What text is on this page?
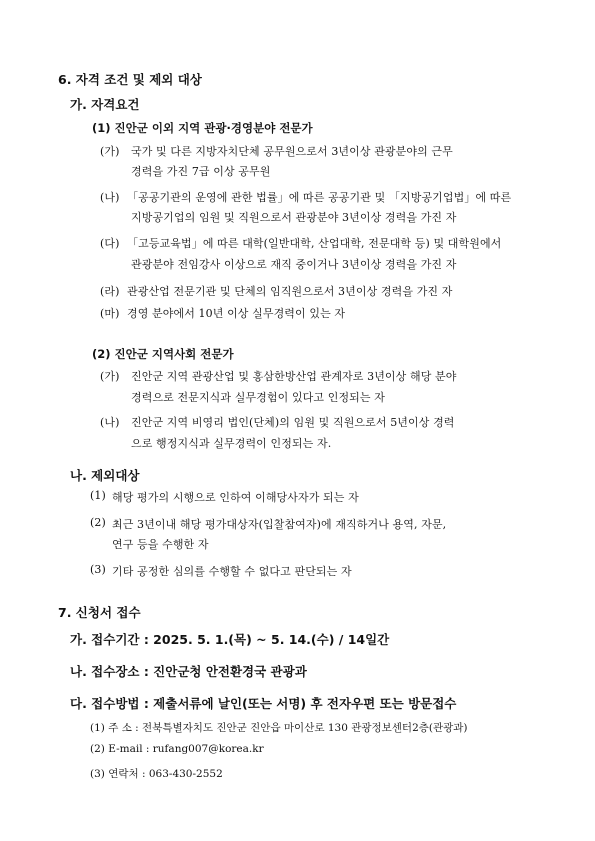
6. 자격 조건 및 제외 대상
가. 자격요건
(1) 진안군 이외 지역 관광·경영분야 전문가
(가) 국가 및 다른 지방자치단체 공무원으로서 3년이상 관광분야의 근무
경력을 가진 7급 이상 공무원
(나) 「공공기관의 운영에 관한 법률」에 따른 공공기관 및 「지방공기업법」에 따른
지방공기업의 임원 및 직원으로서 관광분야 3년이상 경력을 가진 자
(다) 「고등교육법」에 따른 대학(일반대학, 산업대학, 전문대학 등) 및 대학원에서
관광분야 전임강사 이상으로 재직 중이거나 3년이상 경력을 가진 자
(라) 관광산업 전문기관 및 단체의 임직원으로서 3년이상 경력을 가진 자
(마) 경영 분야에서 10년 이상 실무경력이 있는 자
(2) 진안군 지역사회 전문가
(가) 진안군 지역 관광산업 및 홍삼한방산업 관계자로 3년이상 해당 분야
경력으로 전문지식과 실무경험이 있다고 인정되는 자
(나) 진안군 지역 비영리 법인(단체)의 임원 및 직원으로서 5년이상 경력
으로 행정지식과 실무경력이 인정되는 자.
나. 제외대상
(1) 해당 평가의 시행으로 인하여 이해당사자가 되는 자
(2) 최근 3년이내 해당 평가대상자(입찰참여자)에 재직하거나 용역, 자문,
연구 등을 수행한 자
(3) 기타 공정한 심의를 수행할 수 없다고 판단되는 자
7. 신청서 접수
가. 접수기간 : 2025. 5. 1.(목) ~ 5. 14.(수) / 14일간
나. 접수장소 : 진안군청 안전환경국 관광과
다. 접수방법 : 제출서류에 날인(또는 서명) 후 전자우편 또는 방문접수
(1) 주 소 : 전북특별자치도 진안군 진안읍 마이산로 130 관광정보센터2층(관광과)
(2) E-mail : rufang007@korea.kr
(3) 연락처 : 063-430-2552
